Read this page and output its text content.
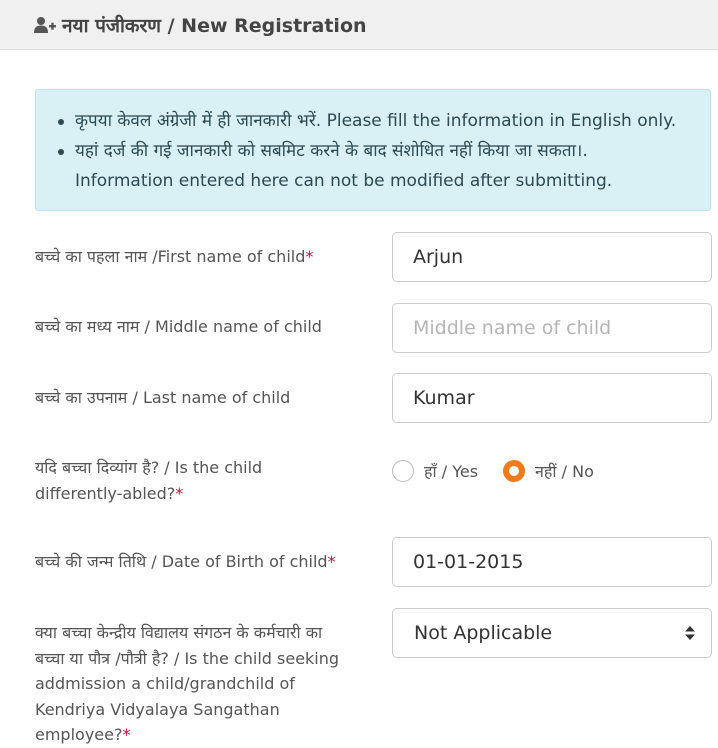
नया पंजीकरण / New Registration
कृपया केवल अंग्रेजी में ही जानकारी भरें. Please fill the information in English only.
यहां दर्ज की गई जानकारी को सबमिट करने के बाद संशोधित नहीं किया जा सकता।.
Information entered here can not be modified after submitting.
बच्चे का पहला नाम /First name of child*
Arjun
बच्चे का मध्य नाम / Middle name of child
Middle name of child
बच्चे का उपनाम / Last name of child
Kumar
यदि बच्चा दिव्यांग है? / Is the child
differently-abled?*
हाँ / Yes	नहीं / No
बच्चे की जन्म तिथि / Date of Birth of child*
01-01-2015
क्या बच्चा केन्द्रीय विद्यालय संगठन के कर्मचारी का
बच्चा या पौत्र /पौत्री है? / Is the child seeking
addmission a child/grandchild of
Kendriya Vidyalaya Sangathan
employee?*
Not Applicable
